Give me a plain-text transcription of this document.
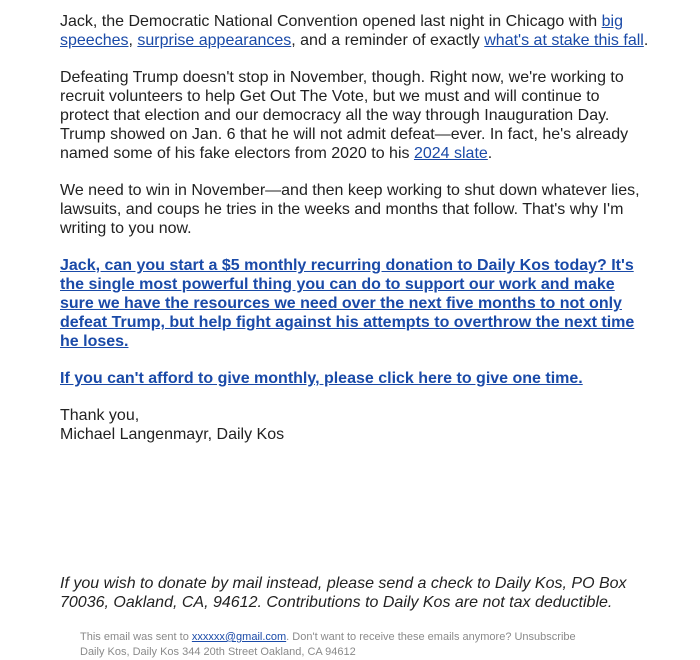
Jack, the Democratic National Convention opened last night in Chicago with big speeches, surprise appearances, and a reminder of exactly what's at stake this fall.

Defeating Trump doesn't stop in November, though. Right now, we're working to recruit volunteers to help Get Out The Vote, but we must and will continue to protect that election and our democracy all the way through Inauguration Day. Trump showed on Jan. 6 that he will not admit defeat—ever. In fact, he's already named some of his fake electors from 2020 to his 2024 slate.

We need to win in November—and then keep working to shut down whatever lies, lawsuits, and coups he tries in the weeks and months that follow. That's why I'm writing to you now.

Jack, can you start a $5 monthly recurring donation to Daily Kos today? It's the single most powerful thing you can do to support our work and make sure we have the resources we need over the next five months to not only defeat Trump, but help fight against his attempts to overthrow the next time he loses.

If you can't afford to give monthly, please click here to give one time.

Thank you,
Michael Langenmayr, Daily Kos

If you wish to donate by mail instead, please send a check to Daily Kos, PO Box 70036, Oakland, CA, 94612. Contributions to Daily Kos are not tax deductible.
This email was sent to xxxxxx@gmail.com. Don't want to receive these emails anymore? Unsubscribe
Daily Kos, Daily Kos 344 20th Street Oakland, CA 94612
